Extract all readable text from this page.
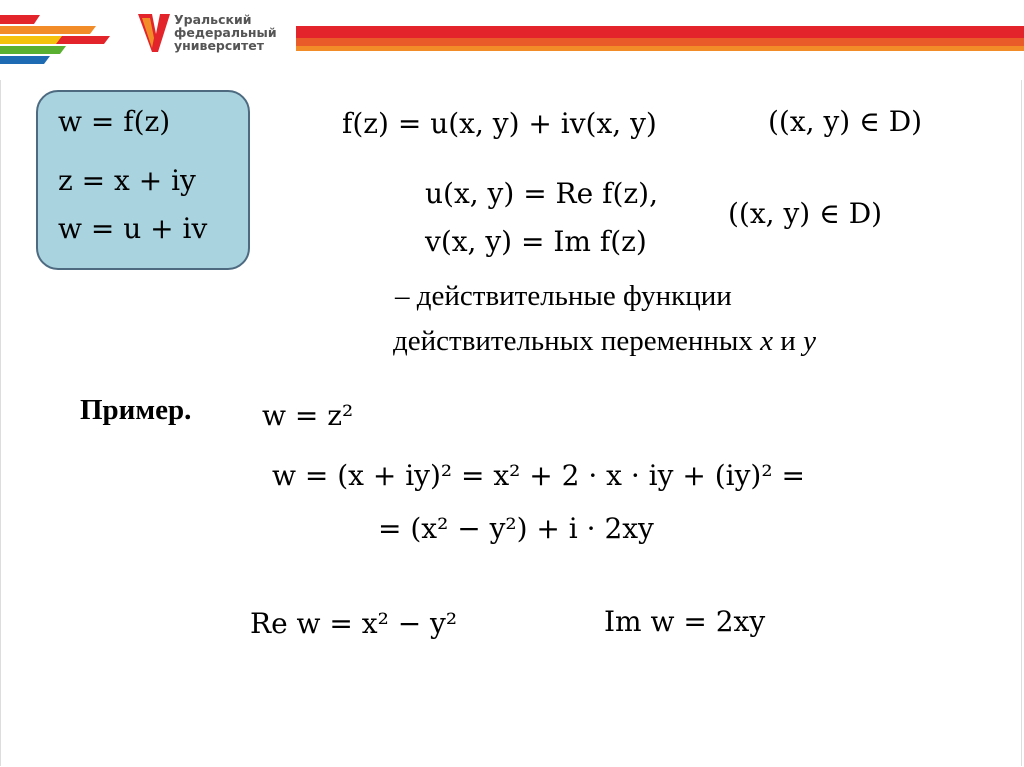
Уральский
федеральный
университет
w = f(z)
z = x + iy
w = u + iv
f(z) = u(x, y) + iv(x, y)	((x, y) ∈ D)
u(x, y) = Re f(z),
v(x, y) = Im f(z)
((x, y) ∈ D)
– действительные функции
действительных переменных x и y
Пример.	w = z²
w = (x + iy)² = x² + 2 · x · iy + (iy)² =
= (x² − y²) + i · 2xy
Re w = x² − y²	Im w = 2xy
